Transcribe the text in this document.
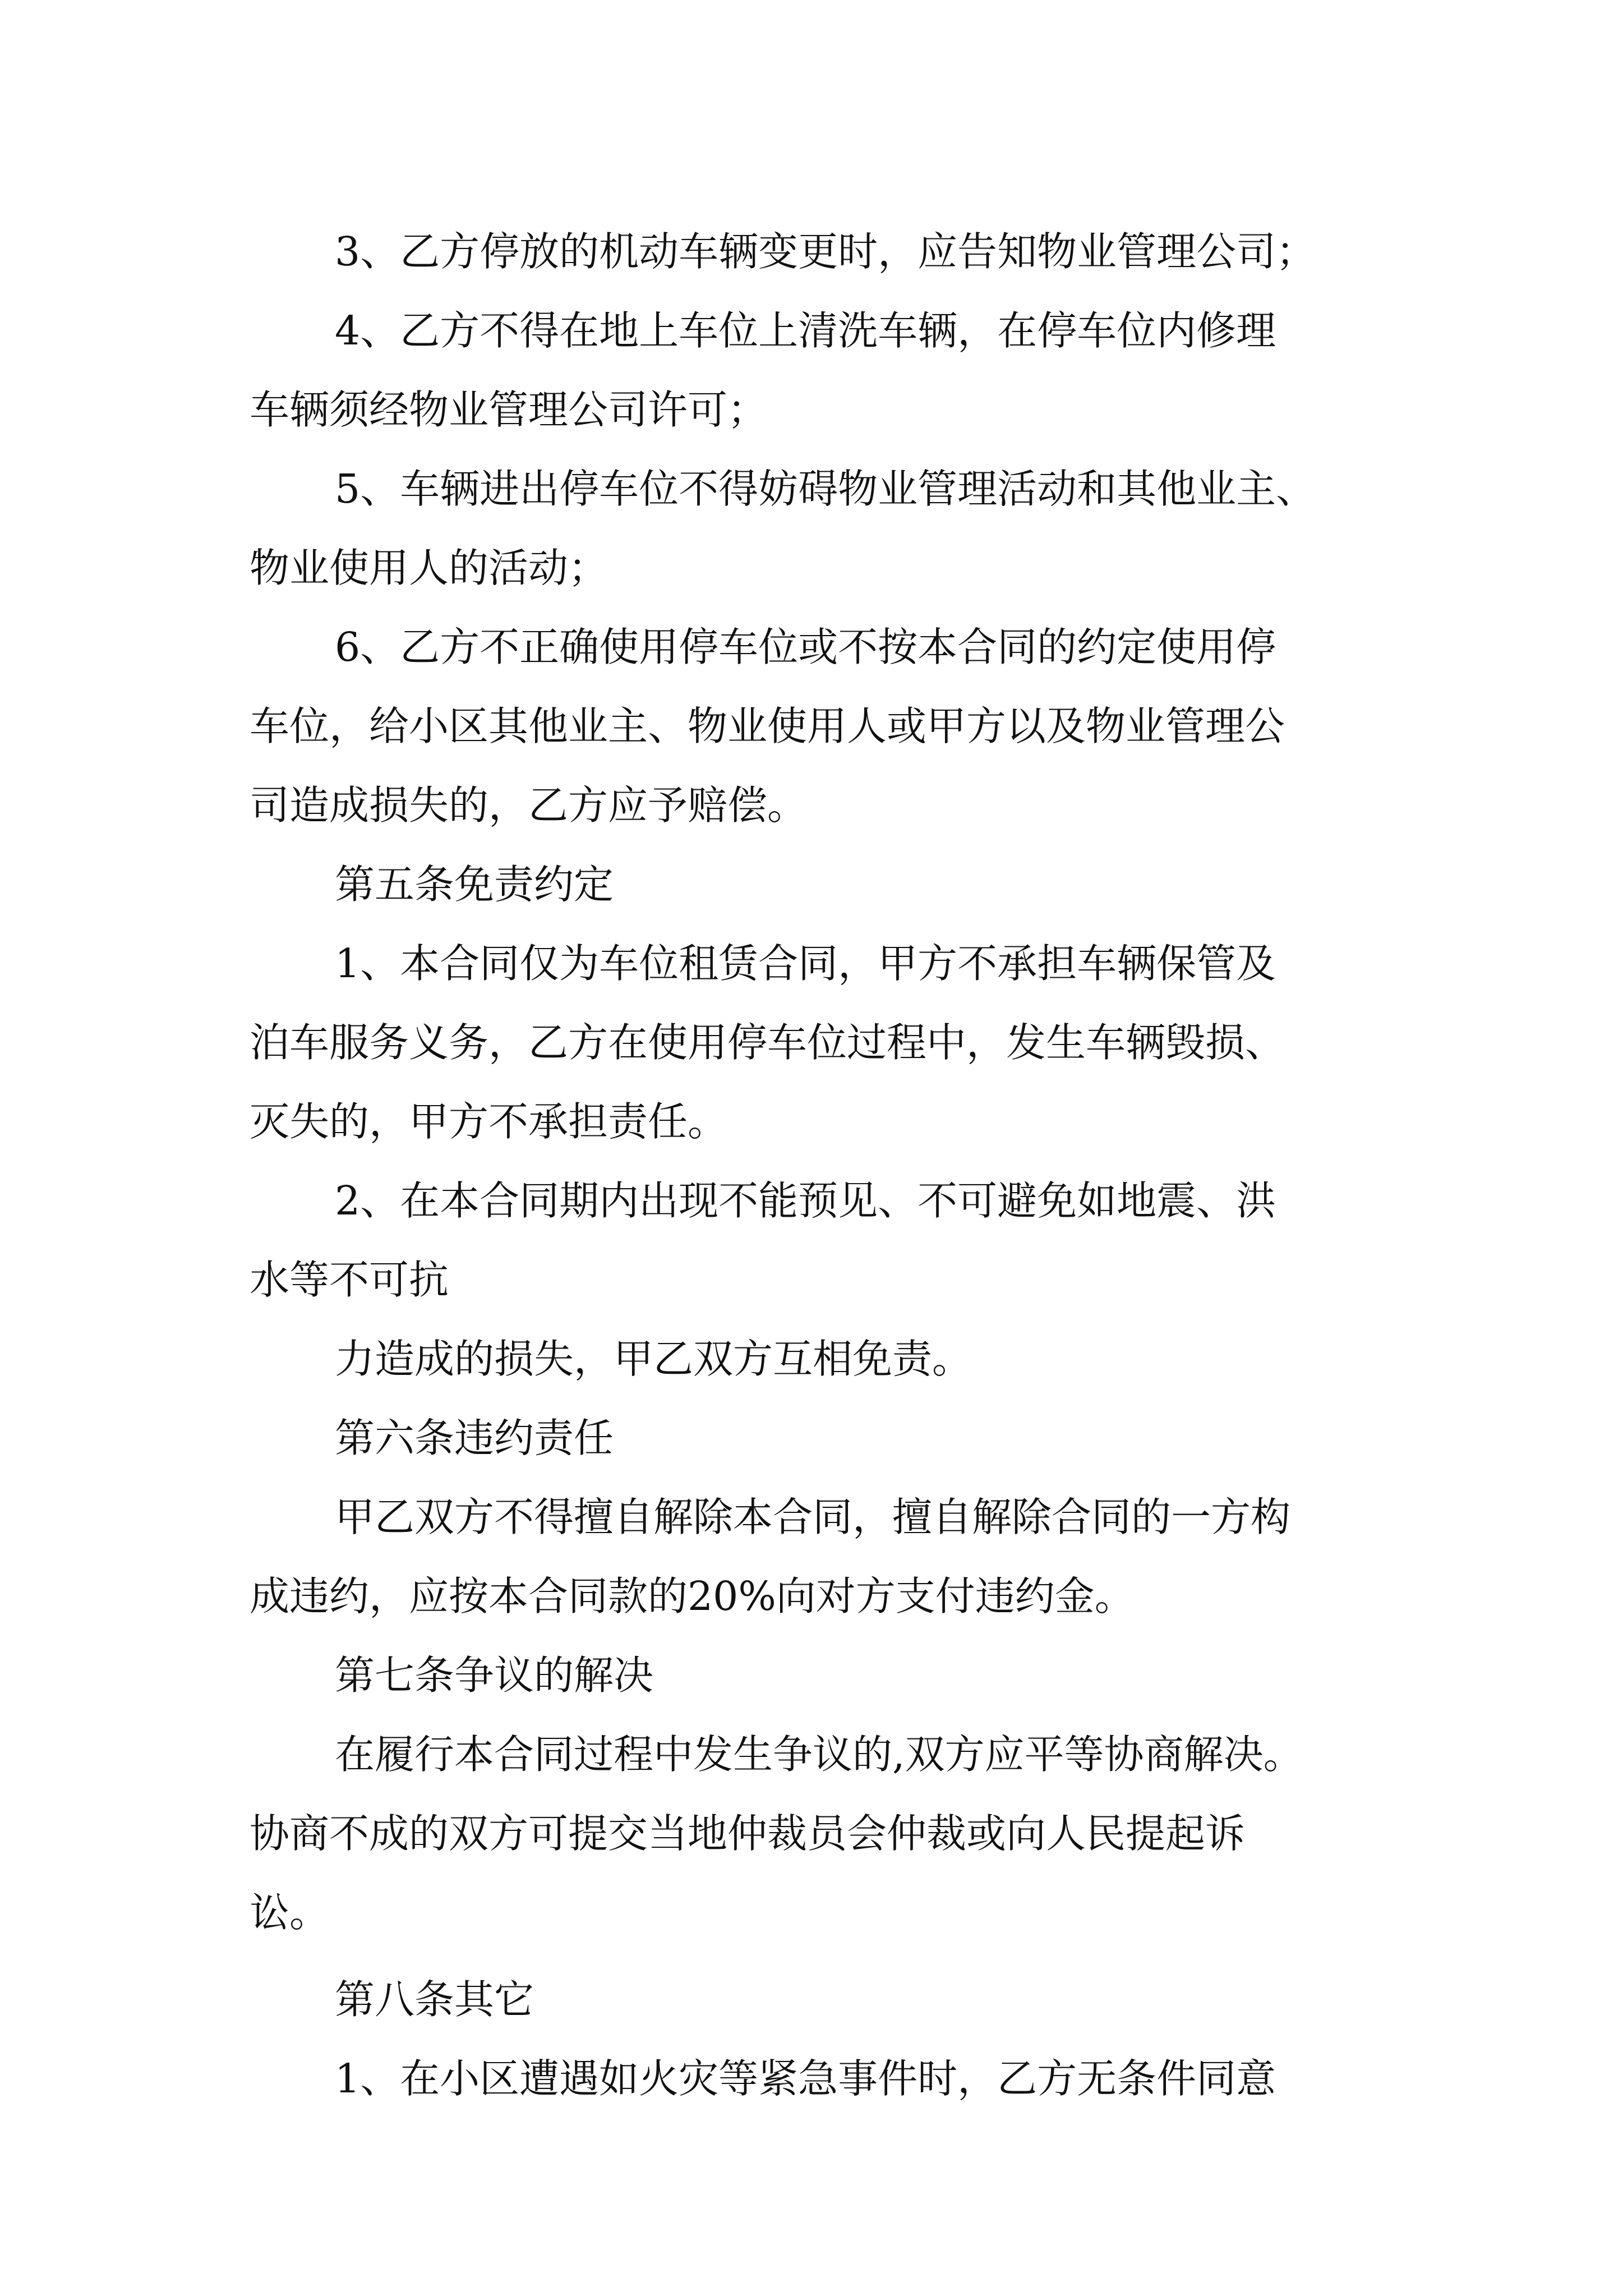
3、乙方停放的机动车辆变更时，应告知物业管理公司；
4、乙方不得在地上车位上清洗车辆，在停车位内修理
车辆须经物业管理公司许可；
5、车辆进出停车位不得妨碍物业管理活动和其他业主、
物业使用人的活动；
6、乙方不正确使用停车位或不按本合同的约定使用停
车位，给小区其他业主、物业使用人或甲方以及物业管理公
司造成损失的，乙方应予赔偿。
第五条免责约定
1、本合同仅为车位租赁合同，甲方不承担车辆保管及
泊车服务义务，乙方在使用停车位过程中，发生车辆毁损、
灭失的，甲方不承担责任。
2、在本合同期内出现不能预见、不可避免如地震、洪
水等不可抗
力造成的损失，甲乙双方互相免责。
第六条违约责任
甲乙双方不得擅自解除本合同，擅自解除合同的一方构
成违约，应按本合同款的20%向对方支付违约金。
第七条争议的解决
在履行本合同过程中发生争议的,双方应平等协商解决。
协商不成的双方可提交当地仲裁员会仲裁或向人民提起诉
讼。
第八条其它
1、在小区遭遇如火灾等紧急事件时，乙方无条件同意
